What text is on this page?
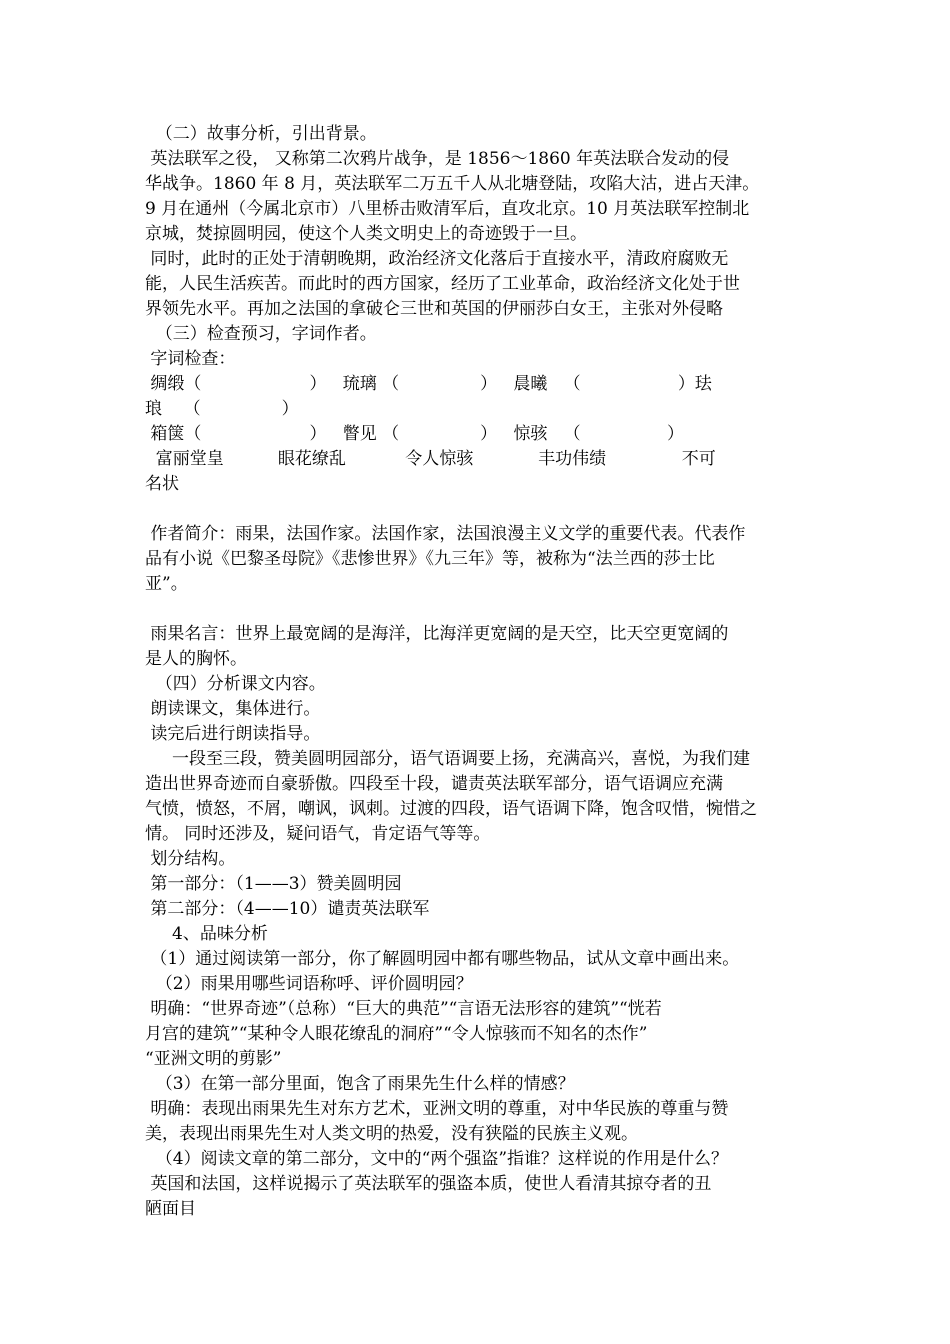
（二）故事分析，引出背景。
英法联军之役， 又称第二次鸦片战争，是 1856～1860 年英法联合发动的侵
华战争。1860 年 8 月，英法联军二万五千人从北塘登陆，攻陷大沽，进占天津。
9 月在通州（今属北京市）八里桥击败清军后，直攻北京。10 月英法联军控制北
京城，焚掠圆明园，使这个人类文明史上的奇迹毁于一旦。
同时，此时的正处于清朝晚期，政治经济文化落后于直接水平，清政府腐败无
能，人民生活疾苦。而此时的西方国家，经历了工业革命，政治经济文化处于世
界领先水平。再加之法国的拿破仑三世和英国的伊丽莎白女王，主张对外侵略
（三）检查预习，字词作者。
字词检查：
绸缎（                    ）   琉璃 （               ）   晨曦   （                  ）珐
琅    （               ）
箱箧（                    ）   瞥见 （               ）   惊骇   （                ）
富丽堂皇          眼花缭乱           令人惊骇            丰功伟绩              不可
名状
作者简介：雨果，法国作家。法国作家，法国浪漫主义文学的重要代表。代表作
品有小说《巴黎圣母院》《悲惨世界》《九三年》等，被称为“法兰西的莎士比
亚”。
雨果名言：世界上最宽阔的是海洋，比海洋更宽阔的是天空，比天空更宽阔的
是人的胸怀。
（四）分析课文内容。
朗读课文，集体进行。
读完后进行朗读指导。
一段至三段，赞美圆明园部分，语气语调要上扬，充满高兴，喜悦，为我们建
造出世界奇迹而自豪骄傲。四段至十段，谴责英法联军部分，语气语调应充满
气愤，愤怒，不屑，嘲讽，讽刺。过渡的四段，语气语调下降，饱含叹惜，惋惜之
情。 同时还涉及，疑问语气，肯定语气等等。
划分结构。
第一部分：（1——3）赞美圆明园
第二部分：（4——10）谴责英法联军
4、品味分析
（1）通过阅读第一部分，你了解圆明园中都有哪些物品，试从文章中画出来。
（2）雨果用哪些词语称呼、评价圆明园？
明确：“世界奇迹”（总称）“巨大的典范”“言语无法形容的建筑”“恍若
月宫的建筑”“某种令人眼花缭乱的洞府”“令人惊骇而不知名的杰作”
“亚洲文明的剪影”
（3）在第一部分里面，饱含了雨果先生什么样的情感？
明确：表现出雨果先生对东方艺术，亚洲文明的尊重，对中华民族的尊重与赞
美，表现出雨果先生对人类文明的热爱，没有狭隘的民族主义观。
（4）阅读文章的第二部分，文中的“两个强盗”指谁？这样说的作用是什么？
英国和法国，这样说揭示了英法联军的强盗本质，使世人看清其掠夺者的丑
陋面目
